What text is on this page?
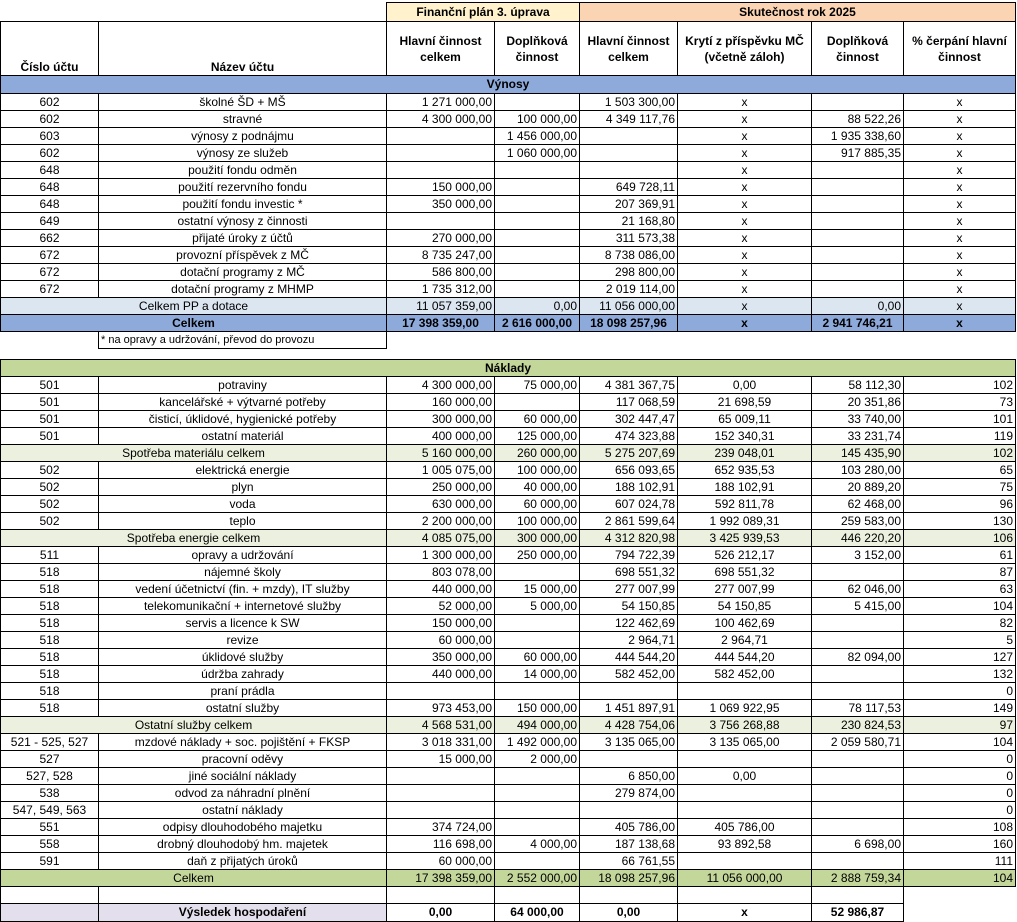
		Finanční plán 3. úprava		Skutečnost rok 2025			
Číslo účtu	Název účtu	Hlavní činnost celkem	Doplňková činnost	Hlavní činnost celkem	Krytí z příspěvku MČ (včetně záloh)	Doplňková činnost	% čerpání hlavní činnost
Výnosy							
602	školné ŠD + MŠ	1 271 000,00		1 503 300,00	x		x
602	stravné	4 300 000,00	100 000,00	4 349 117,76	x	88 522,26	x
603	výnosy z podnájmu		1 456 000,00		x	1 935 338,60	x
602	výnosy ze služeb		1 060 000,00		x	917 885,35	x
648	použití fondu odměn				x		x
648	použití rezervního fondu	150 000,00		649 728,11	x		x
648	použití fondu investic *	350 000,00		207 369,91	x		x
649	ostatní výnosy z činnosti			21 168,80	x		x
662	přijaté úroky z účtů	270 000,00		311 573,38	x		x
672	provozní příspěvek z MČ	8 735 247,00		8 738 086,00	x		x
672	dotační programy z MČ	586 800,00		298 800,00	x		x
672	dotační programy z MHMP	1 735 312,00		2 019 114,00	x		x
Celkem PP a dotace		11 057 359,00	0,00	11 056 000,00	x	0,00	x
Celkem		17 398 359,00	2 616 000,00	18 098 257,96	x	2 941 746,21	x
	* na opravy a udržování, převod do provozu						
Náklady							
501	potraviny	4 300 000,00	75 000,00	4 381 367,75	0,00	58 112,30	102
501	kancelářské + výtvarné potřeby	160 000,00		117 068,59	21 698,59	20 351,86	73
501	čisticí, úklidové, hygienické potřeby	300 000,00	60 000,00	302 447,47	65 009,11	33 740,00	101
501	ostatní materiál	400 000,00	125 000,00	474 323,88	152 340,31	33 231,74	119
Spotřeba materiálu celkem		5 160 000,00	260 000,00	5 275 207,69	239 048,01	145 435,90	102
502	elektrická energie	1 005 075,00	100 000,00	656 093,65	652 935,53	103 280,00	65
502	plyn	250 000,00	40 000,00	188 102,91	188 102,91	20 889,20	75
502	voda	630 000,00	60 000,00	607 024,78	592 811,78	62 468,00	96
502	teplo	2 200 000,00	100 000,00	2 861 599,64	1 992 089,31	259 583,00	130
Spotřeba energie celkem		4 085 075,00	300 000,00	4 312 820,98	3 425 939,53	446 220,20	106
511	opravy a udržování	1 300 000,00	250 000,00	794 722,39	526 212,17	3 152,00	61
518	nájemné školy	803 078,00		698 551,32	698 551,32		87
518	vedení účetnictví (fin. + mzdy), IT služby	440 000,00	15 000,00	277 007,99	277 007,99	62 046,00	63
518	telekomunikační + internetové služby	52 000,00	5 000,00	54 150,85	54 150,85	5 415,00	104
518	servis a licence k SW	150 000,00		122 462,69	100 462,69		82
518	revize	60 000,00		2 964,71	2 964,71		5
518	úklidové služby	350 000,00	60 000,00	444 544,20	444 544,20	82 094,00	127
518	údržba zahrady	440 000,00	14 000,00	582 452,00	582 452,00		132
518	praní prádla						0
518	ostatní služby	973 453,00	150 000,00	1 451 897,91	1 069 922,95	78 117,53	149
Ostatní služby celkem		4 568 531,00	494 000,00	4 428 754,06	3 756 268,88	230 824,53	97
521 - 525, 527	mzdové náklady + soc. pojištění + FKSP	3 018 331,00	1 492 000,00	3 135 065,00	3 135 065,00	2 059 580,71	104
527	pracovní oděvy	15 000,00	2 000,00				0
527, 528	jiné sociální náklady			6 850,00	0,00		0
538	odvod za náhradní plnění			279 874,00			0
547, 549, 563	ostatní náklady						0
551	odpisy dlouhodobého majetku	374 724,00		405 786,00	405 786,00		108
558	drobný dlouhodobý hm. majetek	116 698,00	4 000,00	187 138,68	93 892,58	6 698,00	160
591	daň z přijatých úroků	60 000,00		66 761,55			111
Celkem		17 398 359,00	2 552 000,00	18 098 257,96	11 056 000,00	2 888 759,34	104

	Výsledek hospodaření	0,00	64 000,00	0,00	x	52 986,87	
